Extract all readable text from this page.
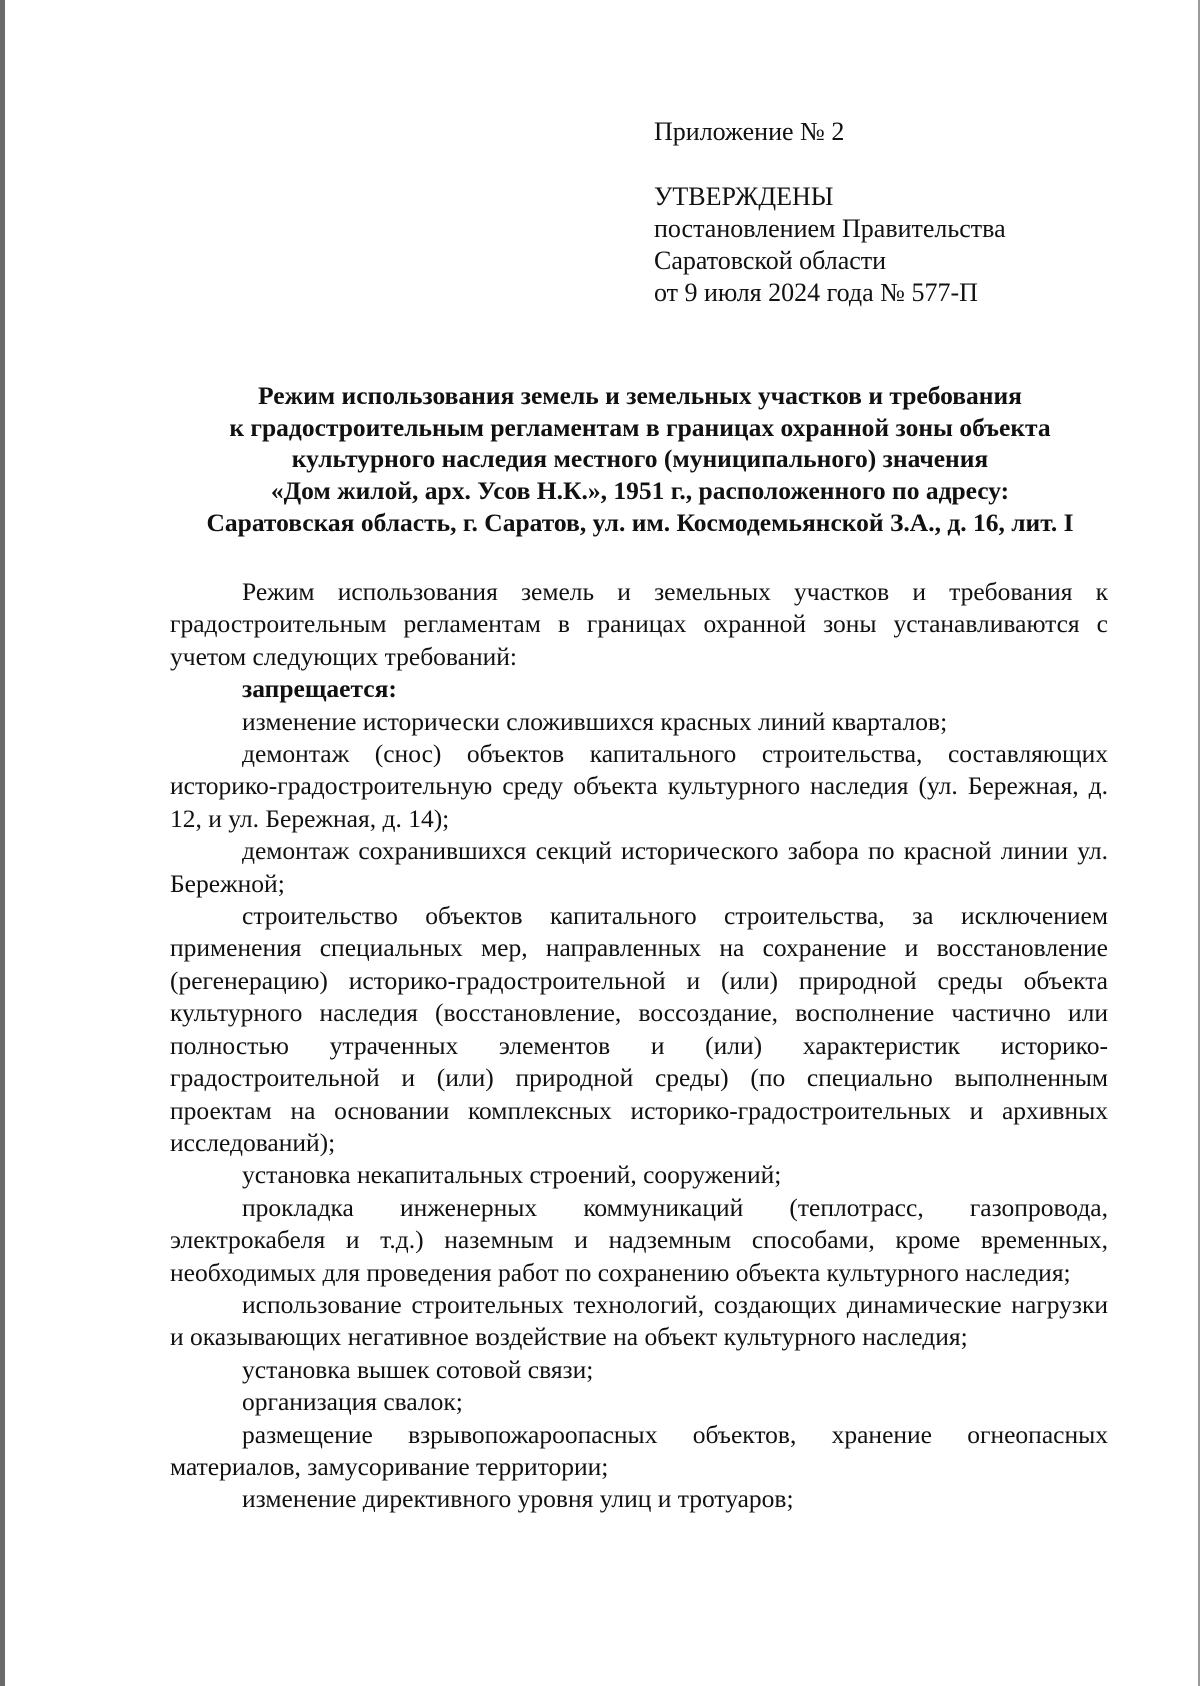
Приложение № 2
УТВЕРЖДЕНЫ
постановлением Правительства
Саратовской области
от 9 июля 2024 года № 577-П
Режим использования земель и земельных участков и требования
к градостроительным регламентам в границах охранной зоны объекта
культурного наследия местного (муниципального) значения
«Дом жилой, арх. Усов Н.К.», 1951 г., расположенного по адресу:
Саратовская область, г. Саратов, ул. им. Космодемьянской З.А., д. 16, лит. I

Режим использования земель и земельных участков и требования к градостроительным регламентам в границах охранной зоны устанавливаются с учетом следующих требований:

запрещается:

изменение исторически сложившихся красных линий кварталов;

демонтаж (снос) объектов капитального строительства, составляющих историко-градостроительную среду объекта культурного наследия (ул. Бережная, д. 12, и ул. Бережная, д. 14);

демонтаж сохранившихся секций исторического забора по красной линии ул. Бережной;

строительство объектов капитального строительства, за исключением применения специальных мер, направленных на сохранение и восстановление (регенерацию) историко-градостроительной и (или) природной среды объекта культурного наследия (восстановление, воссоздание, восполнение частично или полностью утраченных элементов и (или) характеристик историко-градостроительной и (или) природной среды) (по специально выполненным проектам на основании комплексных историко-градостроительных и архивных исследований);

установка некапитальных строений, сооружений;

прокладка инженерных коммуникаций (теплотрасс, газопровода, электрокабеля и т.д.) наземным и надземным способами, кроме временных, необходимых для проведения работ по сохранению объекта культурного наследия;

использование строительных технологий, создающих динамические нагрузки и оказывающих негативное воздействие на объект культурного наследия;

установка вышек сотовой связи;

организация свалок;

размещение взрывопожароопасных объектов, хранение огнеопасных материалов, замусоривание территории;

изменение директивного уровня улиц и тротуаров;
